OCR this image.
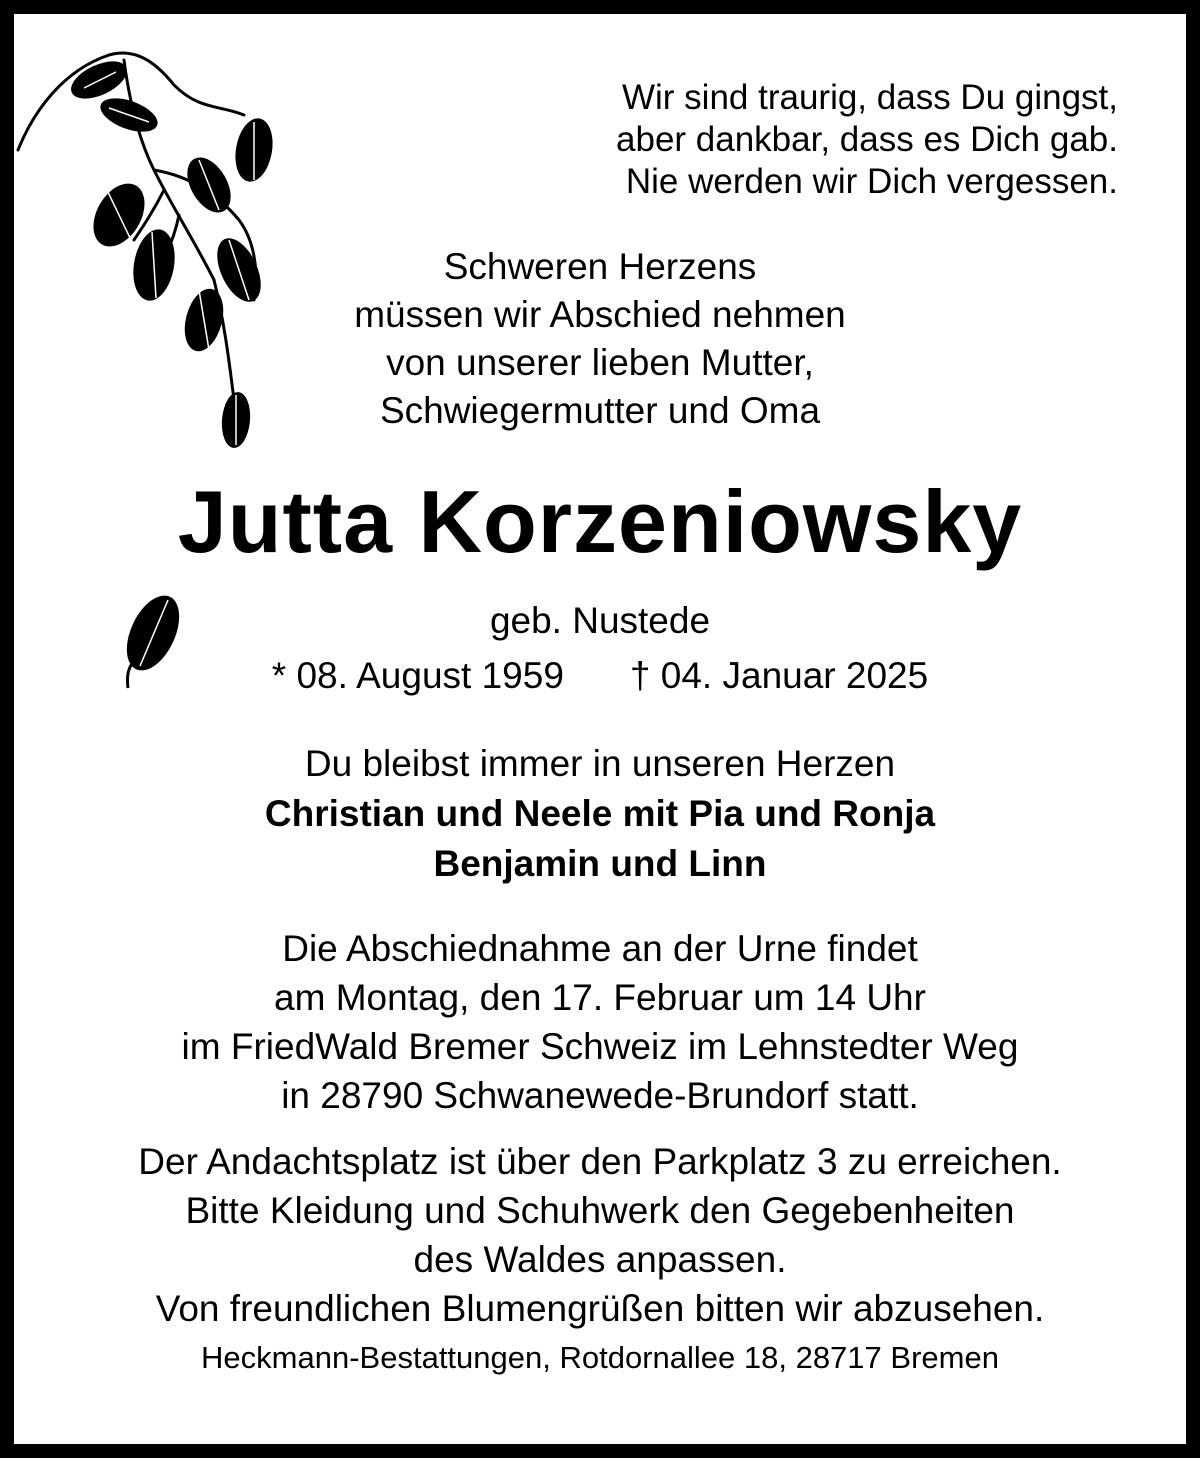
Wir sind traurig, dass Du gingst,
aber dankbar, dass es Dich gab.
Nie werden wir Dich vergessen.
Schweren Herzens
müssen wir Abschied nehmen
von unserer lieben Mutter,
Schwiegermutter und Oma
Jutta Korzeniowsky
geb. Nustede
* 08. August 1959 † 04. Januar 2025
Du bleibst immer in unseren Herzen
Christian und Neele mit Pia und Ronja
Benjamin und Linn
Die Abschiednahme an der Urne findet
am Montag, den 17. Februar um 14 Uhr
im FriedWald Bremer Schweiz im Lehnstedter Weg
in 28790 Schwanewede-Brundorf statt.
Der Andachtsplatz ist über den Parkplatz 3 zu erreichen.
Bitte Kleidung und Schuhwerk den Gegebenheiten
des Waldes anpassen.
Von freundlichen Blumengrüßen bitten wir abzusehen.
Heckmann-Bestattungen, Rotdornallee 18, 28717 Bremen
